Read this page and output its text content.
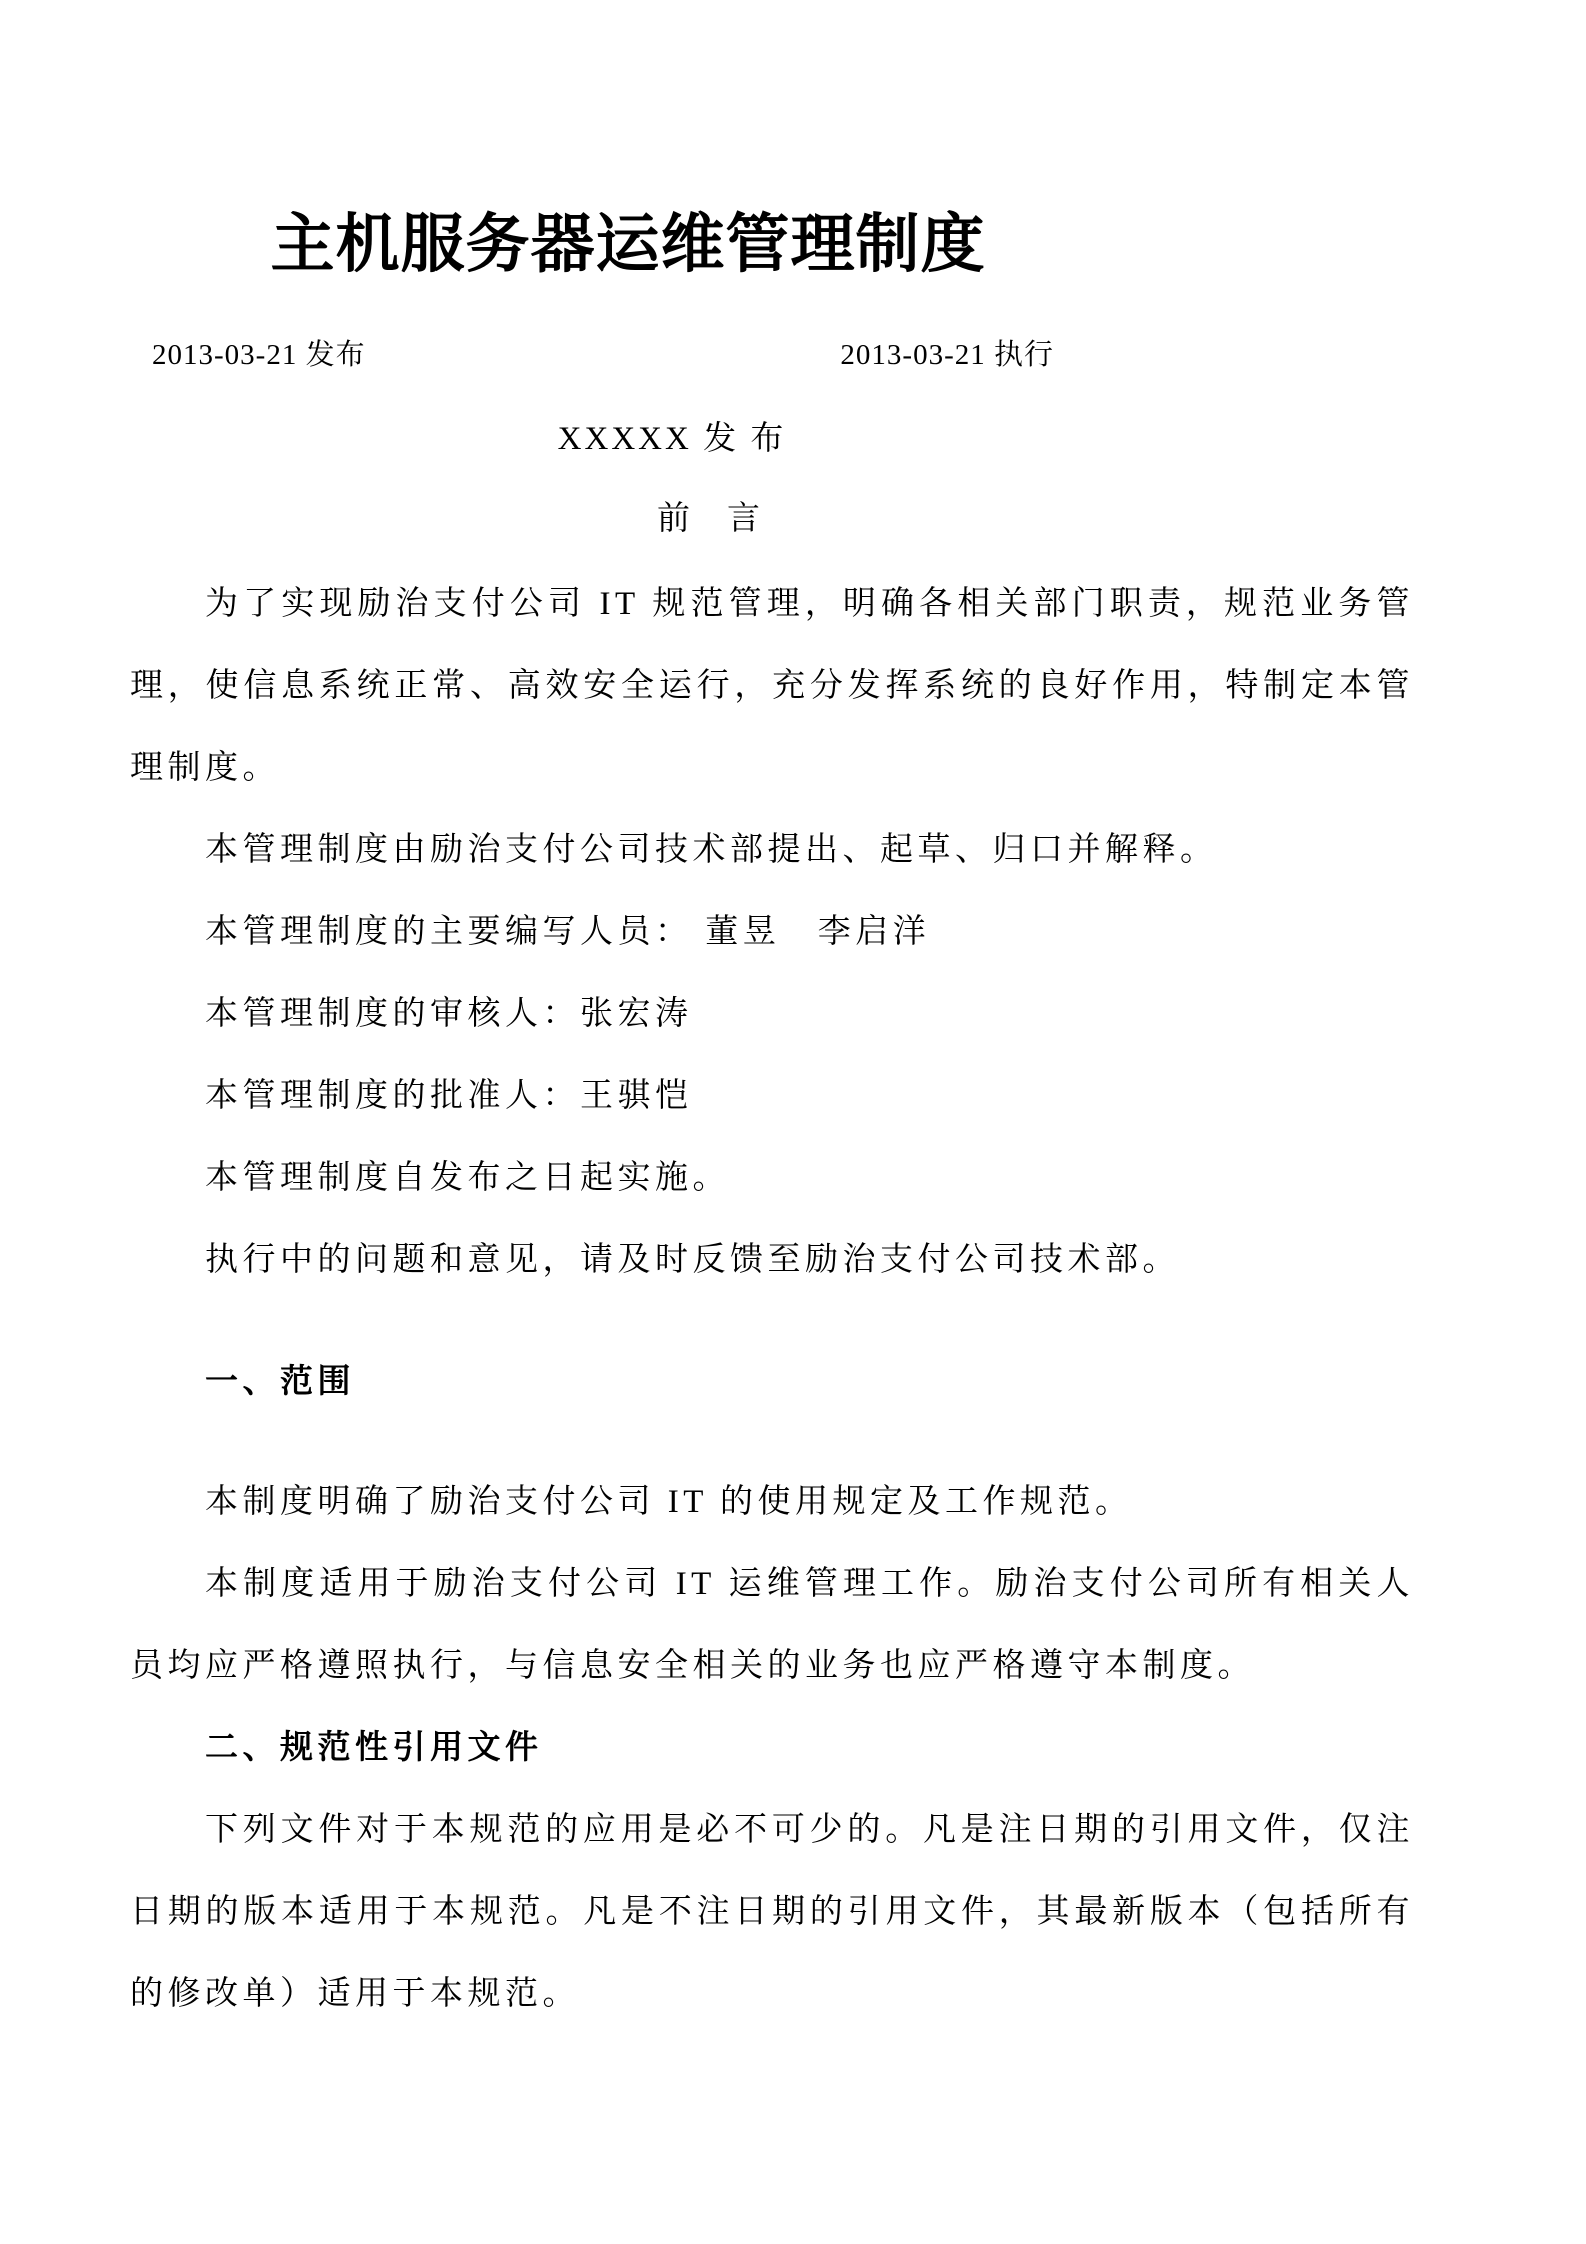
主机服务器运维管理制度
2013-03-21 发布	2013-03-21 执行
XXXXX 发 布
前　言

为了实现励治支付公司 IT 规范管理，明确各相关部门职责，规范业务管理，使信息系统正常、高效安全运行，充分发挥系统的良好作用，特制定本管理制度。

本管理制度由励治支付公司技术部提出、起草、归口并解释。

本管理制度的主要编写人员： 董昱　李启洋

本管理制度的审核人：张宏涛

本管理制度的批准人：王骐恺

本管理制度自发布之日起实施。

执行中的问题和意见，请及时反馈至励治支付公司技术部。

一、范围

本制度明确了励治支付公司 IT 的使用规定及工作规范。

本制度适用于励治支付公司 IT 运维管理工作。励治支付公司所有相关人员均应严格遵照执行，与信息安全相关的业务也应严格遵守本制度。

二、规范性引用文件

下列文件对于本规范的应用是必不可少的。凡是注日期的引用文件，仅注日期的版本适用于本规范。凡是不注日期的引用文件，其最新版本（包括所有的修改单）适用于本规范。
